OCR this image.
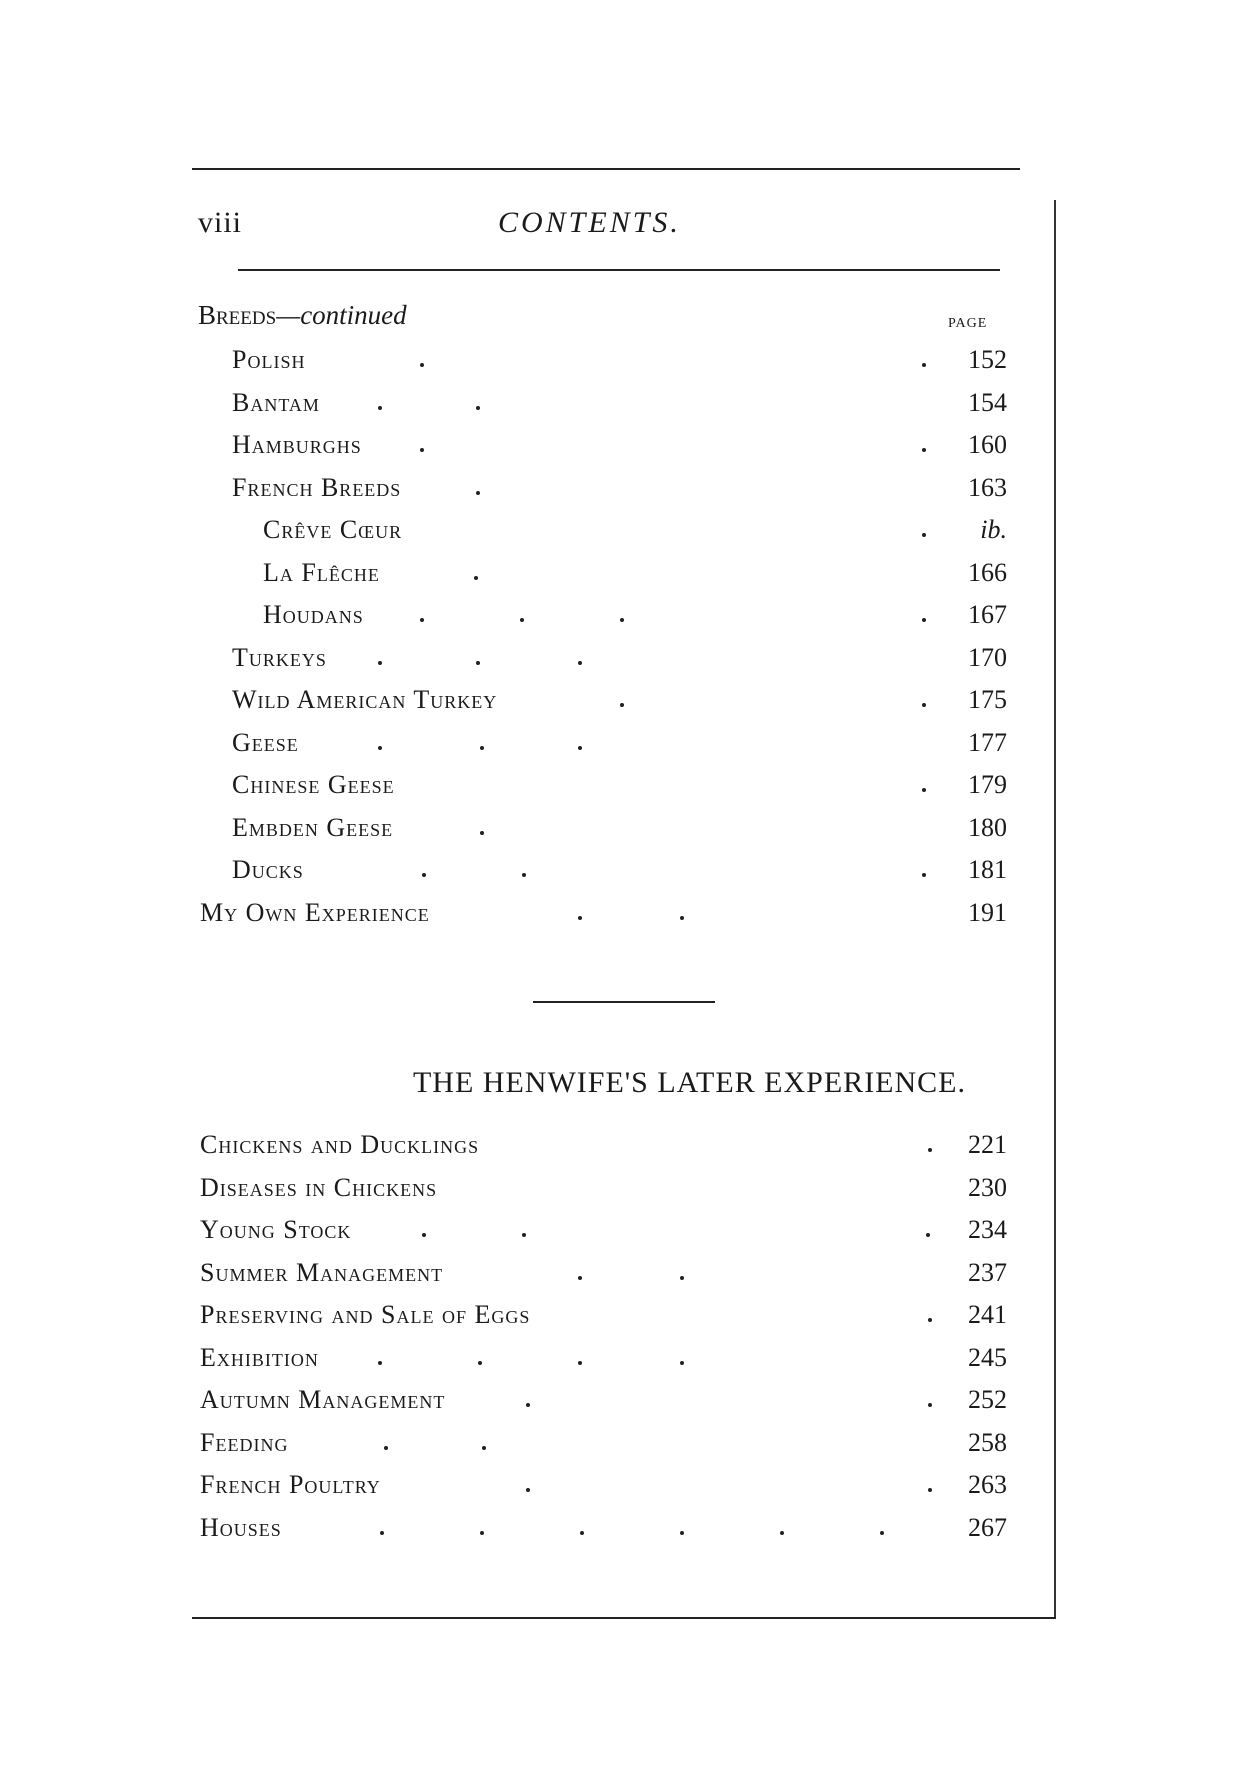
viii	CONTENTS.
Breeds—continued	PAGE
Polish	152
Bantam	154
Hamburghs	160
French Breeds	163
Crêve Cœur	ib.
La Flêche	166
Houdans	167
Turkeys	170
Wild American Turkey	175
Geese	177
Chinese Geese	179
Embden Geese	180
Ducks	181
My Own Experience	191
THE HENWIFE'S LATER EXPERIENCE.
Chickens and Ducklings	221
Diseases in Chickens	230
Young Stock	234
Summer Management	237
Preserving and Sale of Eggs	241
Exhibition	245
Autumn Management	252
Feeding	258
French Poultry	263
Houses	267
